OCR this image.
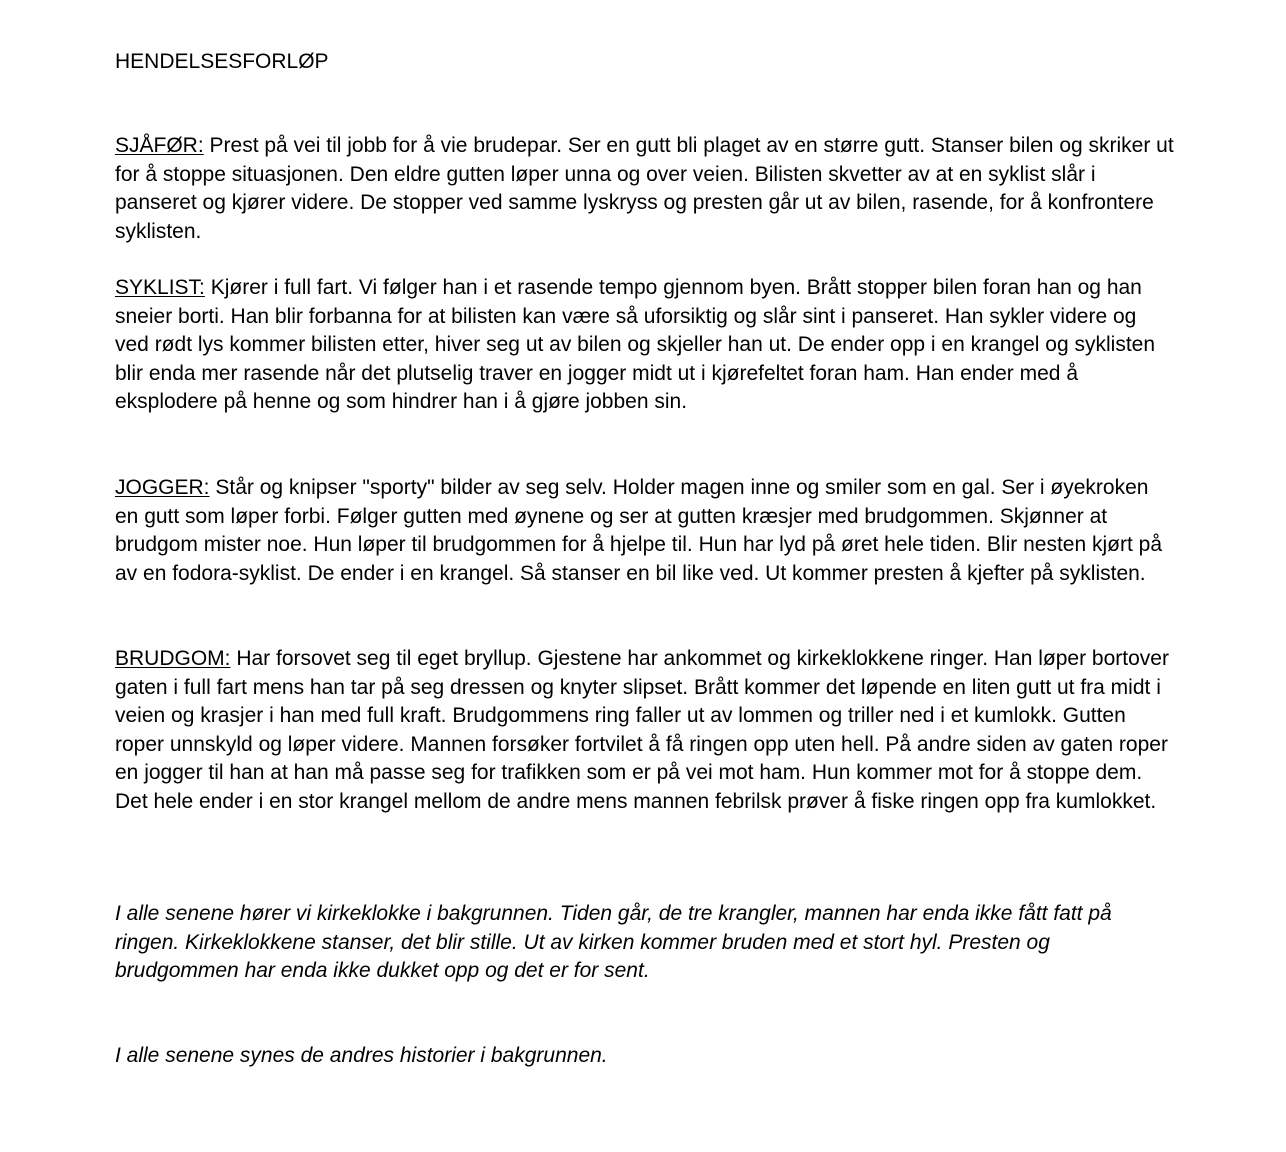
HENDELSESFORLØP

SJÅFØR: Prest på vei til jobb for å vie brudepar. Ser en gutt bli plaget av en større gutt. Stanser bilen og skriker ut for å stoppe situasjonen. Den eldre gutten løper unna og over veien. Bilisten skvetter av at en syklist slår i panseret og kjører videre. De stopper ved samme lyskryss og presten går ut av bilen, rasende, for å konfrontere syklisten.

SYKLIST: Kjører i full fart. Vi følger han i et rasende tempo gjennom byen. Brått stopper bilen foran han og han sneier borti. Han blir forbanna for at bilisten kan være så uforsiktig og slår sint i panseret. Han sykler videre og ved rødt lys kommer bilisten etter, hiver seg ut av bilen og skjeller han ut. De ender opp i en krangel og syklisten blir enda mer rasende når det plutselig traver en jogger midt ut i kjørefeltet foran ham. Han ender med å eksplodere på henne og som hindrer han i å gjøre jobben sin.

JOGGER: Står og knipser "sporty" bilder av seg selv. Holder magen inne og smiler som en gal. Ser i øyekroken en gutt som løper forbi. Følger gutten med øynene og ser at gutten kræsjer med brudgommen. Skjønner at brudgom mister noe. Hun løper til brudgommen for å hjelpe til. Hun har lyd på øret hele tiden. Blir nesten kjørt på av en fodora-syklist. De ender i en krangel. Så stanser en bil like ved. Ut kommer presten å kjefter på syklisten.

BRUDGOM: Har forsovet seg til eget bryllup. Gjestene har ankommet og kirkeklokkene ringer. Han løper bortover gaten i full fart mens han tar på seg dressen og knyter slipset. Brått kommer det løpende en liten gutt ut fra midt i veien og krasjer i han med full kraft. Brudgommens ring faller ut av lommen og triller ned i et kumlokk. Gutten roper unnskyld og løper videre. Mannen forsøker fortvilet å få ringen opp uten hell. På andre siden av gaten roper en jogger til han at han må passe seg for trafikken som er på vei mot ham. Hun kommer mot for å stoppe dem. Det hele ender i en stor krangel mellom de andre mens mannen febrilsk prøver å fiske ringen opp fra kumlokket.

I alle senene hører vi kirkeklokke i bakgrunnen. Tiden går, de tre krangler, mannen har enda ikke fått fatt på ringen. Kirkeklokkene stanser, det blir stille. Ut av kirken kommer bruden med et stort hyl. Presten og brudgommen har enda ikke dukket opp og det er for sent.

I alle senene synes de andres historier i bakgrunnen.
